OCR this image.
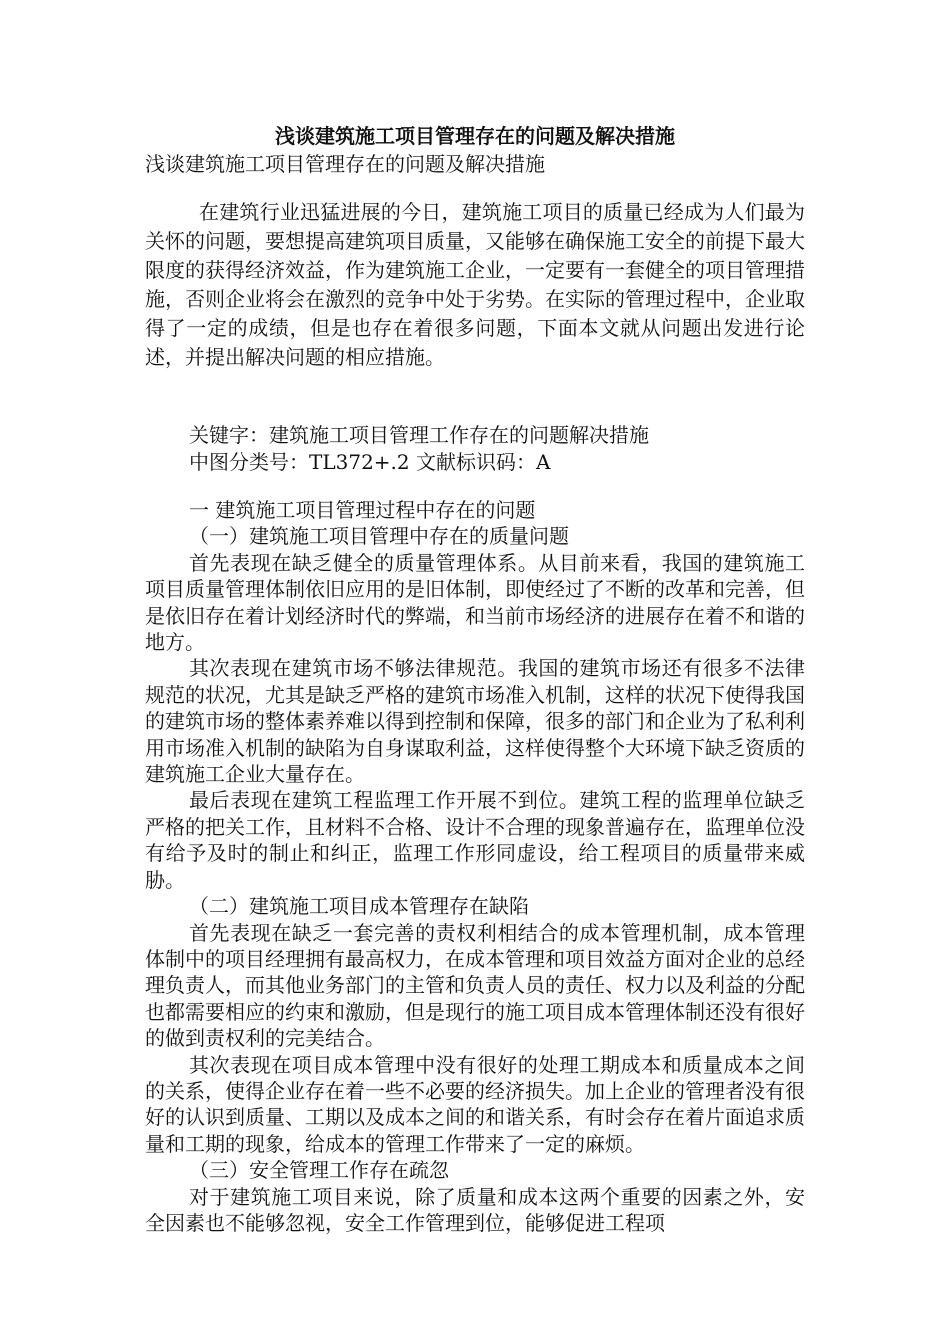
浅谈建筑施工项目管理存在的问题及解决措施
浅谈建筑施工项目管理存在的问题及解决措施
在建筑行业迅猛进展的今日，建筑施工项目的质量已经成为人们最为关怀的问题，要想提高建筑项目质量，又能够在确保施工安全的前提下最大限度的获得经济效益，作为建筑施工企业，一定要有一套健全的项目管理措施，否则企业将会在激烈的竞争中处于劣势。在实际的管理过程中，企业取得了一定的成绩，但是也存在着很多问题，下面本文就从问题出发进行论述，并提出解决问题的相应措施。

关键字：建筑施工项目管理工作存在的问题解决措施

中图分类号：TL372+.2 文献标识码：A

一 建筑施工项目管理过程中存在的问题

（一）建筑施工项目管理中存在的质量问题

首先表现在缺乏健全的质量管理体系。从目前来看，我国的建筑施工项目质量管理体制依旧应用的是旧体制，即使经过了不断的改革和完善，但是依旧存在着计划经济时代的弊端，和当前市场经济的进展存在着不和谐的地方。

其次表现在建筑市场不够法律规范。我国的建筑市场还有很多不法律规范的状况，尤其是缺乏严格的建筑市场准入机制，这样的状况下使得我国的建筑市场的整体素养难以得到控制和保障，很多的部门和企业为了私利利用市场准入机制的缺陷为自身谋取利益，这样使得整个大环境下缺乏资质的建筑施工企业大量存在。

最后表现在建筑工程监理工作开展不到位。建筑工程的监理单位缺乏严格的把关工作，且材料不合格、设计不合理的现象普遍存在，监理单位没有给予及时的制止和纠正，监理工作形同虚设，给工程项目的质量带来威胁。

（二）建筑施工项目成本管理存在缺陷

首先表现在缺乏一套完善的责权利相结合的成本管理机制，成本管理体制中的项目经理拥有最高权力，在成本管理和项目效益方面对企业的总经理负责人，而其他业务部门的主管和负责人员的责任、权力以及利益的分配也都需要相应的约束和激励，但是现行的施工项目成本管理体制还没有很好的做到责权利的完美结合。

其次表现在项目成本管理中没有很好的处理工期成本和质量成本之间的关系，使得企业存在着一些不必要的经济损失。加上企业的管理者没有很好的认识到质量、工期以及成本之间的和谐关系，有时会存在着片面追求质量和工期的现象，给成本的管理工作带来了一定的麻烦。

（三）安全管理工作存在疏忽

对于建筑施工项目来说，除了质量和成本这两个重要的因素之外，安全因素也不能够忽视，安全工作管理到位，能够促进工程项
